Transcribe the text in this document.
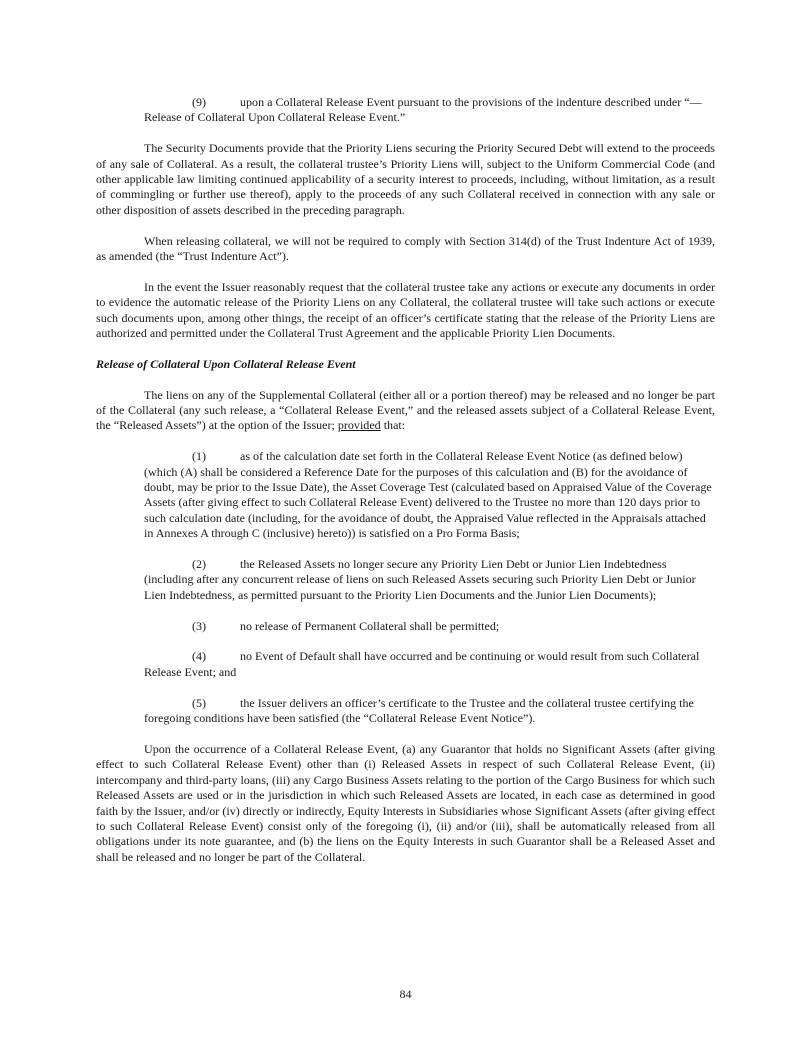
(9)	upon a Collateral Release Event pursuant to the provisions of the indenture described under “—Release of Collateral Upon Collateral Release Event.”

The Security Documents provide that the Priority Liens securing the Priority Secured Debt will extend to the proceeds of any sale of Collateral. As a result, the collateral trustee’s Priority Liens will, subject to the Uniform Commercial Code (and other applicable law limiting continued applicability of a security interest to proceeds, including, without limitation, as a result of commingling or further use thereof), apply to the proceeds of any such Collateral received in connection with any sale or other disposition of assets described in the preceding paragraph.

When releasing collateral, we will not be required to comply with Section 314(d) of the Trust Indenture Act of 1939, as amended (the “Trust Indenture Act”).

In the event the Issuer reasonably request that the collateral trustee take any actions or execute any documents in order to evidence the automatic release of the Priority Liens on any Collateral, the collateral trustee will take such actions or execute such documents upon, among other things, the receipt of an officer’s certificate stating that the release of the Priority Liens are authorized and permitted under the Collateral Trust Agreement and the applicable Priority Lien Documents.

Release of Collateral Upon Collateral Release Event

The liens on any of the Supplemental Collateral (either all or a portion thereof) may be released and no longer be part of the Collateral (any such release, a “Collateral Release Event,” and the released assets subject of a Collateral Release Event, the “Released Assets”) at the option of the Issuer; provided that:

(1)	as of the calculation date set forth in the Collateral Release Event Notice (as defined below) (which (A) shall be considered a Reference Date for the purposes of this calculation and (B) for the avoidance of doubt, may be prior to the Issue Date), the Asset Coverage Test (calculated based on Appraised Value of the Coverage Assets (after giving effect to such Collateral Release Event) delivered to the Trustee no more than 120 days prior to such calculation date (including, for the avoidance of doubt, the Appraised Value reflected in the Appraisals attached in Annexes A through C (inclusive) hereto)) is satisfied on a Pro Forma Basis;

(2)	the Released Assets no longer secure any Priority Lien Debt or Junior Lien Indebtedness (including after any concurrent release of liens on such Released Assets securing such Priority Lien Debt or Junior Lien Indebtedness, as permitted pursuant to the Priority Lien Documents and the Junior Lien Documents);

(3)	no release of Permanent Collateral shall be permitted;

(4)	no Event of Default shall have occurred and be continuing or would result from such Collateral Release Event; and

(5)	the Issuer delivers an officer’s certificate to the Trustee and the collateral trustee certifying the foregoing conditions have been satisfied (the “Collateral Release Event Notice”).

Upon the occurrence of a Collateral Release Event, (a) any Guarantor that holds no Significant Assets (after giving effect to such Collateral Release Event) other than (i) Released Assets in respect of such Collateral Release Event, (ii) intercompany and third-party loans, (iii) any Cargo Business Assets relating to the portion of the Cargo Business for which such Released Assets are used or in the jurisdiction in which such Released Assets are located, in each case as determined in good faith by the Issuer, and/or (iv) directly or indirectly, Equity Interests in Subsidiaries whose Significant Assets (after giving effect to such Collateral Release Event) consist only of the foregoing (i), (ii) and/or (iii), shall be automatically released from all obligations under its note guarantee, and (b) the liens on the Equity Interests in such Guarantor shall be a Released Asset and shall be released and no longer be part of the Collateral.

84
